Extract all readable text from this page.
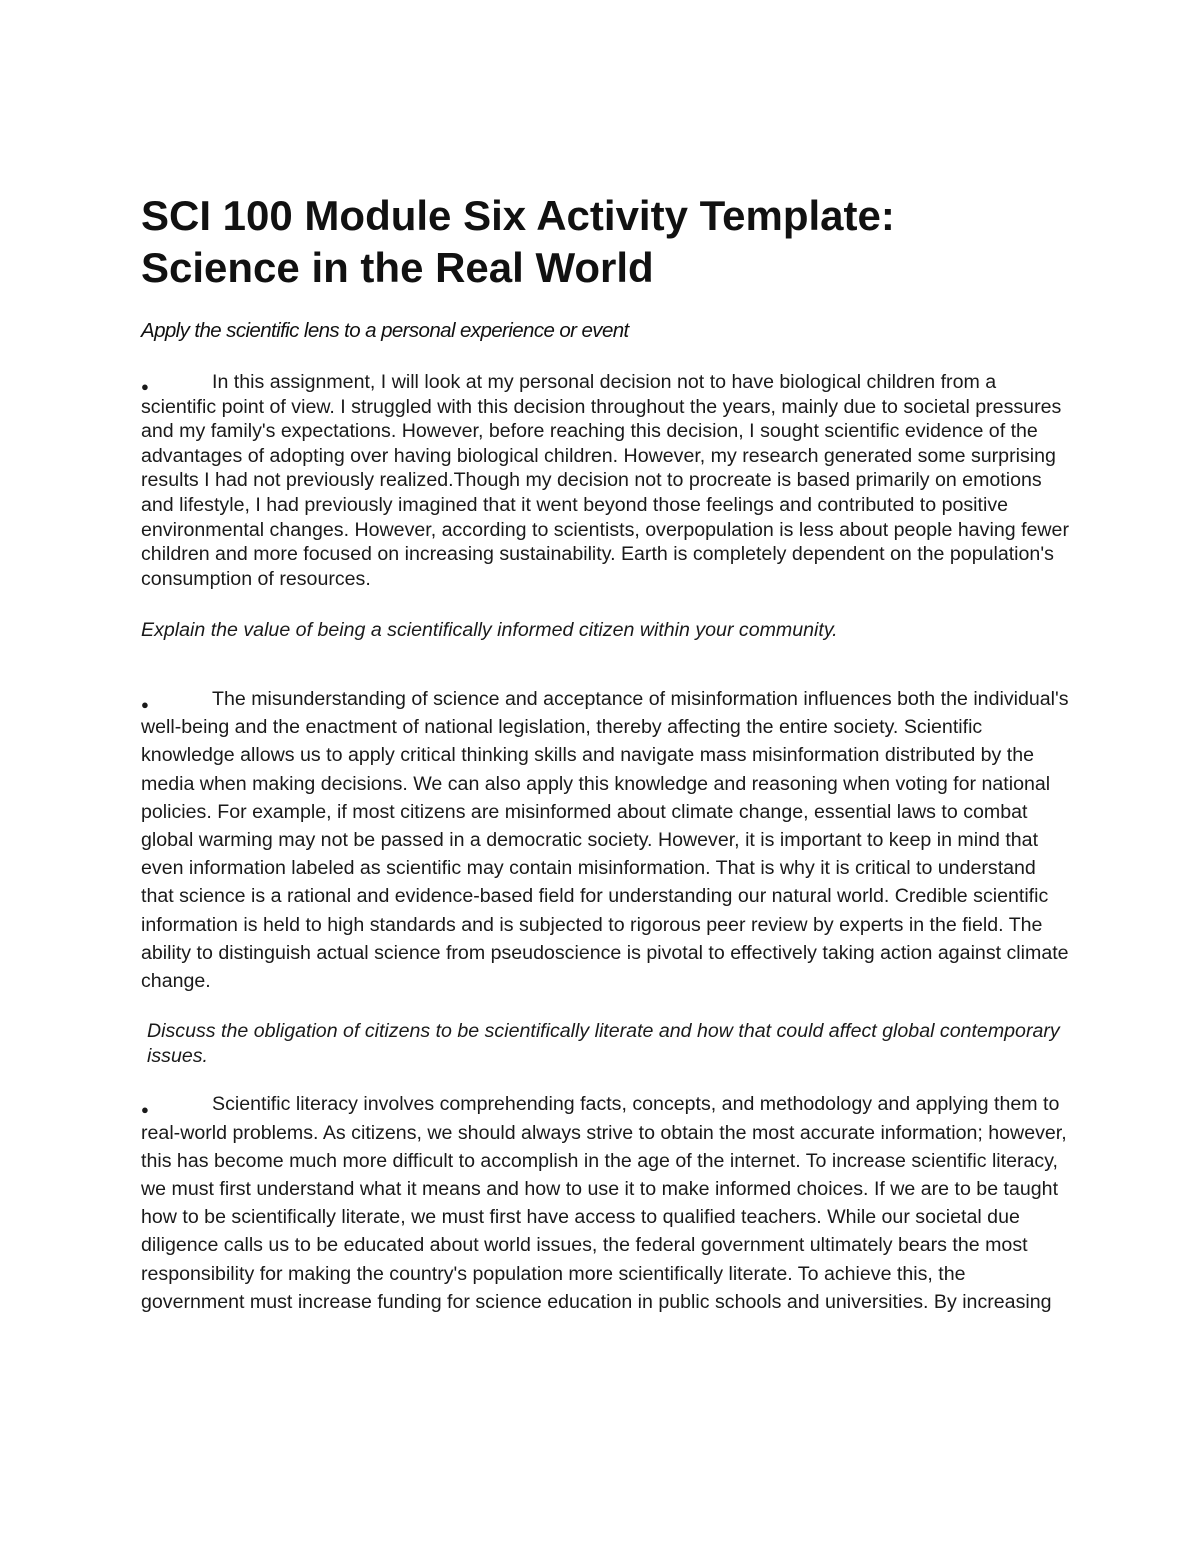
SCI 100 Module Six Activity Template:
Science in the Real World

Apply the scientific lens to a personal experience or event

●	In this assignment, I will look at my personal decision not to have biological children from a scientific point of view. I struggled with this decision throughout the years, mainly due to societal pressures and my family's expectations. However, before reaching this decision, I sought scientific evidence of the advantages of adopting over having biological children. However, my research generated some surprising results I had not previously realized.Though my decision not to procreate is based primarily on emotions and lifestyle, I had previously imagined that it went beyond those feelings and contributed to positive environmental changes. However, according to scientists, overpopulation is less about people having fewer children and more focused on increasing sustainability. Earth is completely dependent on the population's consumption of resources.

Explain the value of being a scientifically informed citizen within your community.

●	The misunderstanding of science and acceptance of misinformation influences both the individual's well-being and the enactment of national legislation, thereby affecting the entire society. Scientific knowledge allows us to apply critical thinking skills and navigate mass misinformation distributed by the media when making decisions. We can also apply this knowledge and reasoning when voting for national policies. For example, if most citizens are misinformed about climate change, essential laws to combat global warming may not be passed in a democratic society. However, it is important to keep in mind that even information labeled as scientific may contain misinformation. That is why it is critical to understand that science is a rational and evidence-based field for understanding our natural world. Credible scientific information is held to high standards and is subjected to rigorous peer review by experts in the field. The ability to distinguish actual science from pseudoscience is pivotal to effectively taking action against climate change.

Discuss the obligation of citizens to be scientifically literate and how that could affect global contemporary issues.

●	Scientific literacy involves comprehending facts, concepts, and methodology and applying them to real-world problems. As citizens, we should always strive to obtain the most accurate information; however, this has become much more difficult to accomplish in the age of the internet. To increase scientific literacy, we must first understand what it means and how to use it to make informed choices. If we are to be taught how to be scientifically literate, we must first have access to qualified teachers. While our societal due diligence calls us to be educated about world issues, the federal government ultimately bears the most responsibility for making the country's population more scientifically literate. To achieve this, the government must increase funding for science education in public schools and universities. By increasing
